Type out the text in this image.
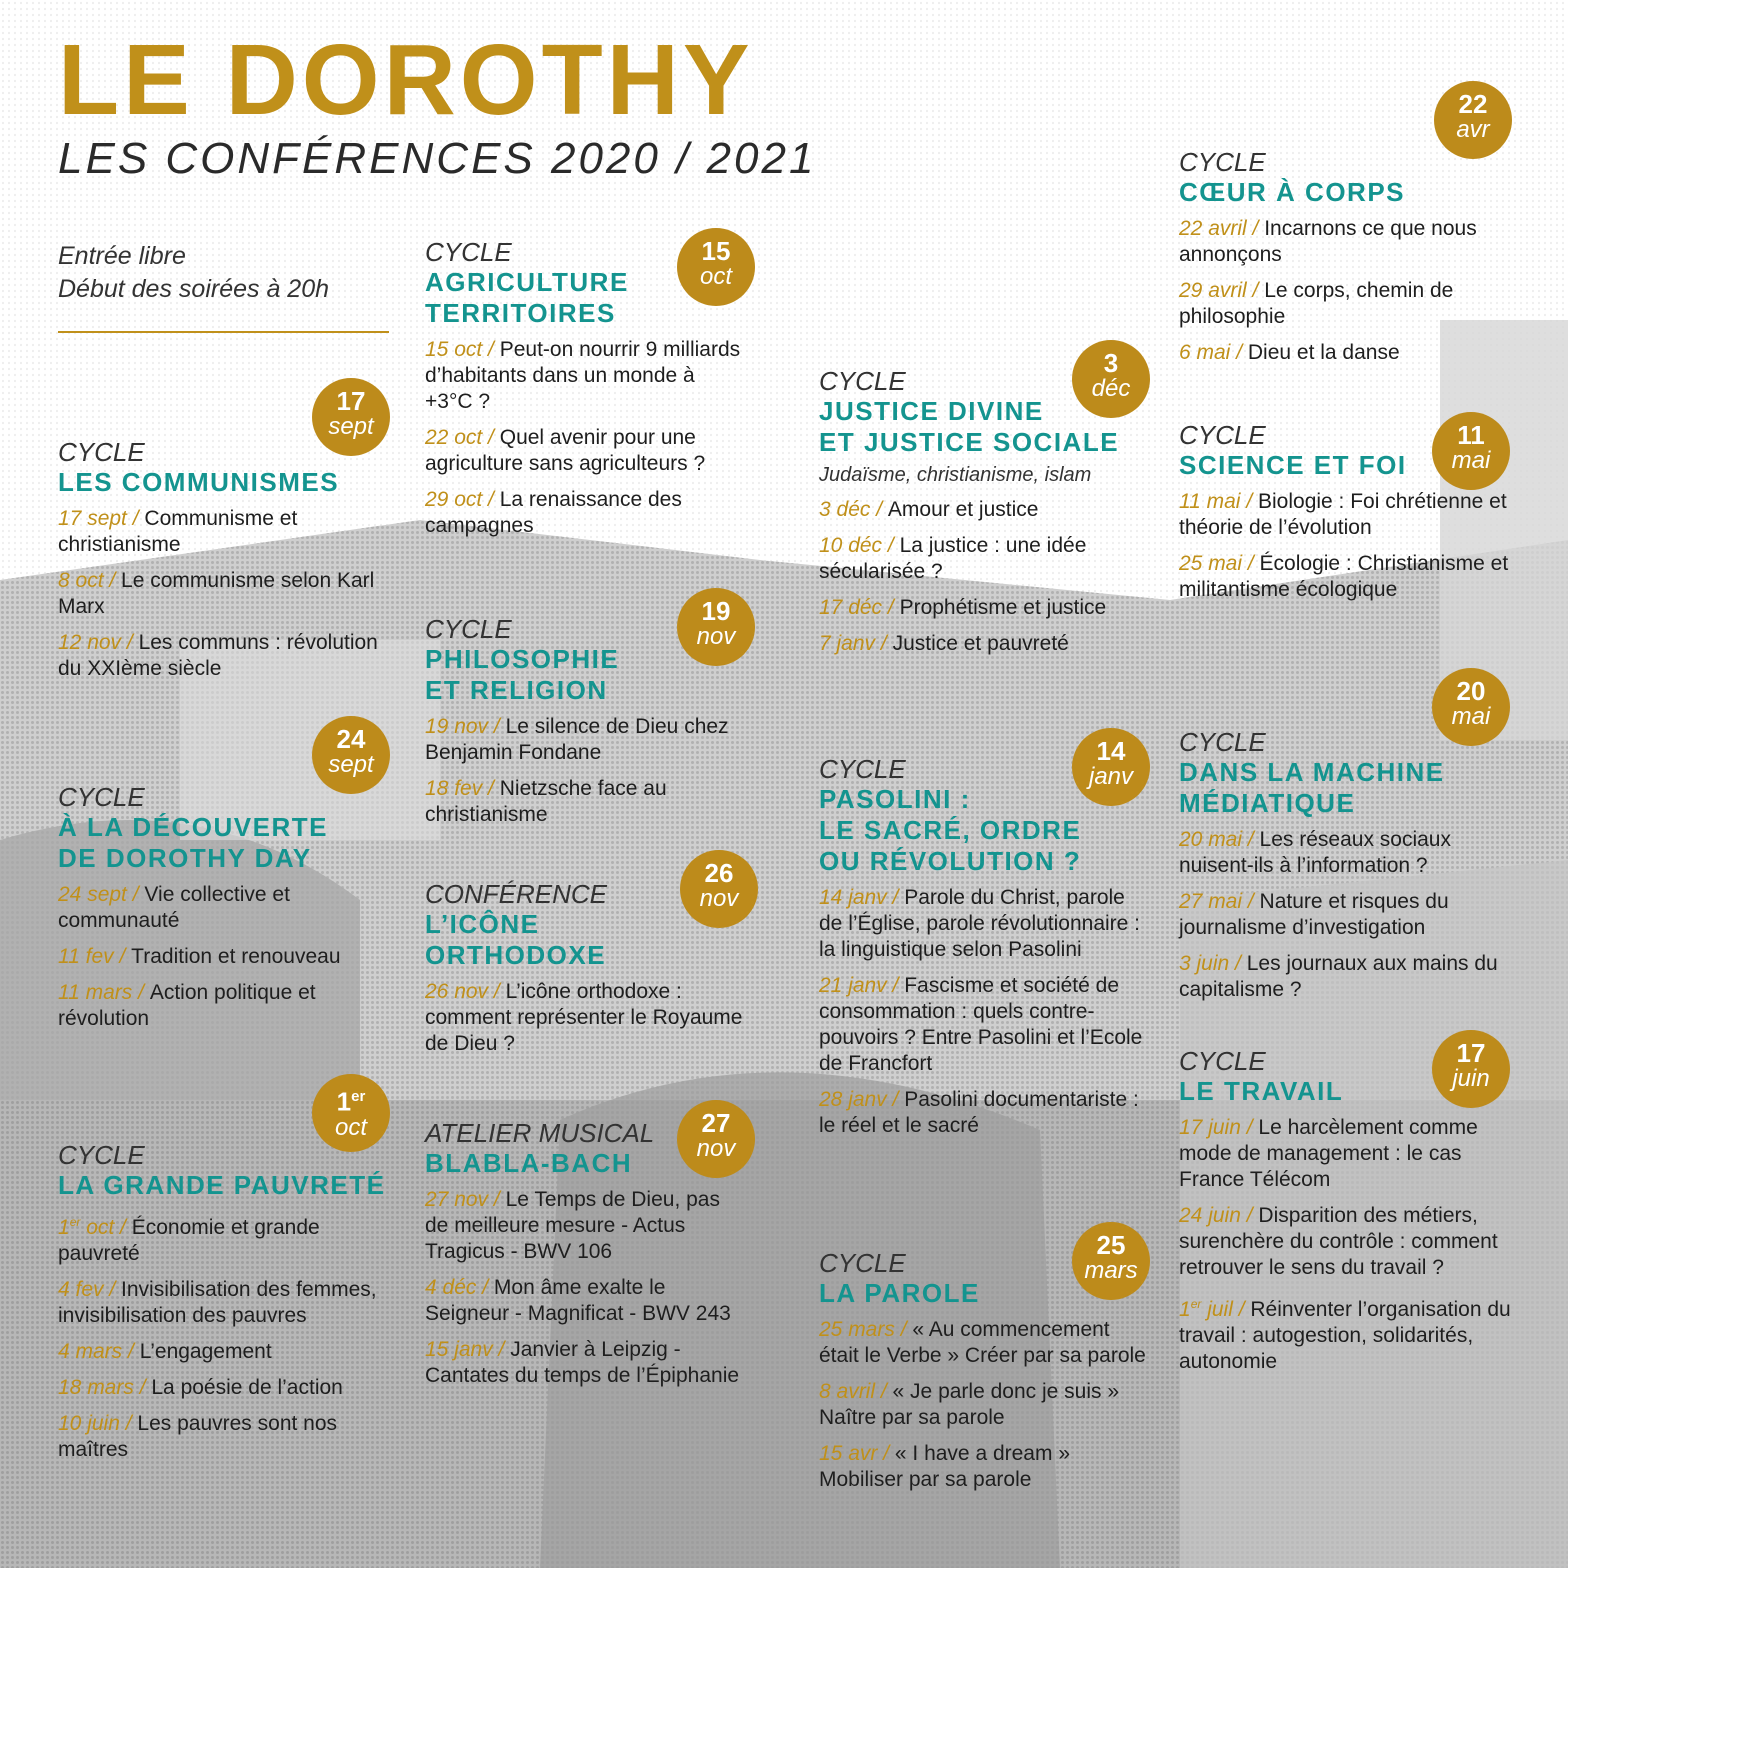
LE DOROTHY
LES CONFÉRENCES 2020 / 2021
Entrée libre
Début des soirées à 20h
CYCLE
LES COMMUNISMES
17 sept / Communisme et christianisme
8 oct / Le communisme selon Karl Marx
12 nov / Les communs : révolution du XXIème siècle
17
sept
CYCLE
À LA DÉCOUVERTE
DE DOROTHY DAY
24 sept / Vie collective et communauté
11 fev / Tradition et renouveau
11 mars / Action politique et révolution
24
sept
CYCLE
LA GRANDE PAUVRETÉ
1er oct / Économie et grande pauvreté
4 fev / Invisibilisation des femmes, invisibilisation des pauvres
4 mars / L’engagement
18 mars / La poésie de l’action
10 juin / Les pauvres sont nos maîtres
1er
oct
CYCLE
AGRICULTURE
TERRITOIRES
15 oct / Peut-on nourrir 9 milliards d’habitants dans un monde à +3°C ?
22 oct / Quel avenir pour une agriculture sans agriculteurs ?
29 oct / La renaissance des campagnes
15
oct
CYCLE
PHILOSOPHIE
ET RELIGION
19 nov / Le silence de Dieu chez Benjamin Fondane
18 fev / Nietzsche face au christianisme
19
nov
CONFÉRENCE
L’ICÔNE
ORTHODOXE
26 nov / L’icône orthodoxe : comment représenter le Royaume de Dieu ?
26
nov
ATELIER MUSICAL
BLABLA-BACH
27 nov / Le Temps de Dieu, pas de meilleure mesure - Actus Tragicus - BWV 106
4 déc / Mon âme exalte le Seigneur - Magnificat - BWV 243
15 janv / Janvier à Leipzig - Cantates du temps de l’Épiphanie
27
nov
CYCLE
JUSTICE DIVINE
ET JUSTICE SOCIALE
Judaïsme, christianisme, islam
3 déc / Amour et justice
10 déc / La justice : une idée sécularisée ?
17 déc / Prophétisme et justice
7 janv / Justice et pauvreté
3
déc
CYCLE
PASOLINI :
LE SACRÉ, ORDRE
OU RÉVOLUTION ?
14 janv / Parole du Christ, parole de l’Église, parole révolutionnaire : la linguistique selon Pasolini
21 janv / Fascisme et société de consommation : quels contre-pouvoirs ? Entre Pasolini et l’Ecole de Francfort
28 janv / Pasolini documentariste : le réel et le sacré
14
janv
CYCLE
LA PAROLE
25 mars / « Au commencement était le Verbe » Créer par sa parole
8 avril / « Je parle donc je suis » Naître par sa parole
15 avr / « I have a dream » Mobiliser par sa parole
25
mars
CYCLE
CŒUR À CORPS
22 avril / Incarnons ce que nous annonçons
29 avril / Le corps, chemin de philosophie
6 mai / Dieu et la danse
22
avr
CYCLE
SCIENCE ET FOI
11 mai / Biologie : Foi chrétienne et théorie de l’évolution
25 mai / Écologie : Christianisme et militantisme écologique
11
mai
CYCLE
DANS LA MACHINE
MÉDIATIQUE
20 mai / Les réseaux sociaux nuisent-ils à l’information ?
27 mai / Nature et risques du journalisme d’investigation
3 juin / Les journaux aux mains du capitalisme ?
20
mai
CYCLE
LE TRAVAIL
17 juin / Le harcèlement comme mode de management : le cas France Télécom
24 juin / Disparition des métiers, surenchère du contrôle : comment retrouver le sens du travail ?
1er juil / Réinventer l’organisation du travail : autogestion, solidarités, autonomie
17
juin
